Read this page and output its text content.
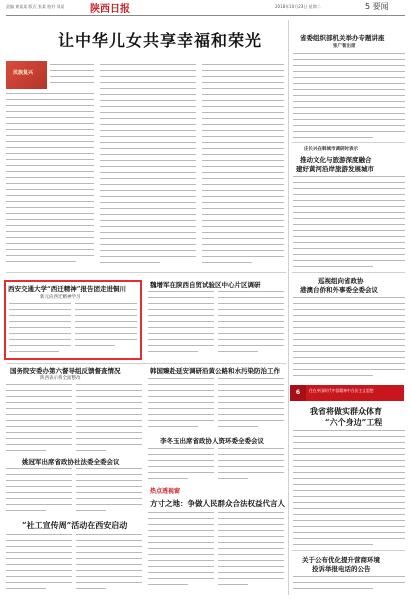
责编 黄某某 版式 张某 校对 刘某	陕西日报	2018年10月23日 星期二	5 要闻
让中华儿女共享幸福和荣光
民族复兴
西安交通大学“西迁精神”报告团走进铜川
新元向西迁精神学习
魏增军在陕西自贸试验区中心片区调研
国务院安委办第六督导组反馈督查情况
陕西表示将全面整改
韩国臻赴延安调研沿黄公路和水污染防治工作
李冬玉出席省政协人资环委全委会议
姚冠军出席省政协社法委全委会议
热点透视窗
方寸之地：争做人民群众合法权益代言人
“社工宣传周”活动在西安启动
省委组织部机关举办专题讲座
张广智出席
庄长兴在韩城市调研时表示
推动文化与旅游深度融合
建好黄河沿岸旅游发展城市
巡视组向省政协
港澳台侨和外事委全委会议
6	住在中国时代中国精神中合法主义思想
我省将做实群众体育
“六个身边”工程
关于公布优化提升营商环境
投诉举报电话的公告
